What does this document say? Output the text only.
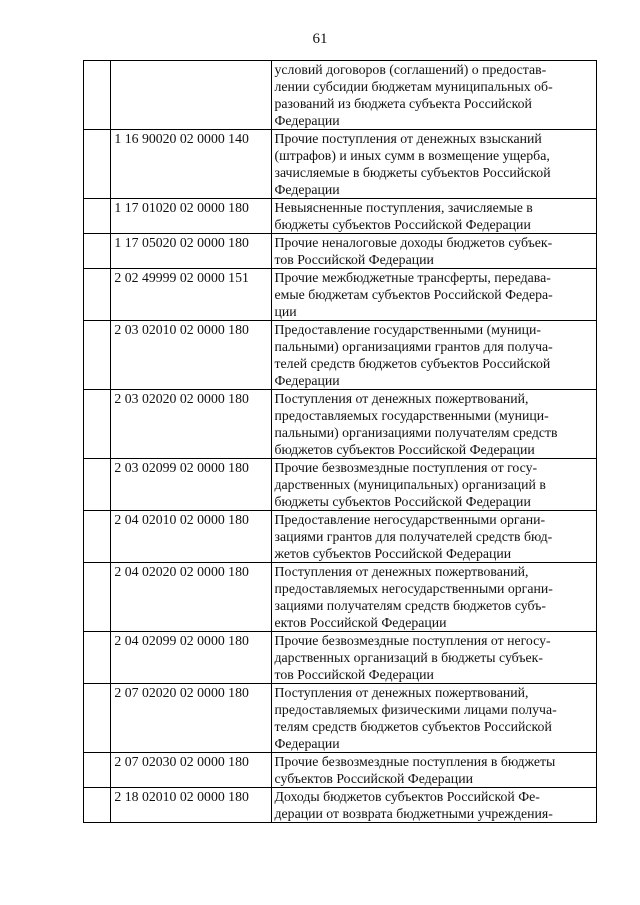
61
		условий договоров (соглашений) о предостав-
лении субсидии бюджетам муниципальных об-
разований из бюджета субъекта Российской
Федерации
	1 16 90020 02 0000 140	Прочие поступления от денежных взысканий
(штрафов) и иных сумм в возмещение ущерба,
зачисляемые в бюджеты субъектов Российской
Федерации
	1 17 01020 02 0000 180	Невыясненные поступления, зачисляемые в
бюджеты субъектов Российской Федерации
	1 17 05020 02 0000 180	Прочие неналоговые доходы бюджетов субъек-
тов Российской Федерации
	2 02 49999 02 0000 151	Прочие межбюджетные трансферты, передава-
емые бюджетам субъектов Российской Федера-
ции
	2 03 02010 02 0000 180	Предоставление государственными (муници-
пальными) организациями грантов для получа-
телей средств бюджетов субъектов Российской
Федерации
	2 03 02020 02 0000 180	Поступления от денежных пожертвований,
предоставляемых государственными (муници-
пальными) организациями получателям средств
бюджетов субъектов Российской Федерации
	2 03 02099 02 0000 180	Прочие безвозмездные поступления от госу-
дарственных (муниципальных) организаций в
бюджеты субъектов Российской Федерации
	2 04 02010 02 0000 180	Предоставление негосударственными органи-
зациями грантов для получателей средств бюд-
жетов субъектов Российской Федерации
	2 04 02020 02 0000 180	Поступления от денежных пожертвований,
предоставляемых негосударственными органи-
зациями получателям средств бюджетов субъ-
ектов Российской Федерации
	2 04 02099 02 0000 180	Прочие безвозмездные поступления от негосу-
дарственных организаций в бюджеты субъек-
тов Российской Федерации
	2 07 02020 02 0000 180	Поступления от денежных пожертвований,
предоставляемых физическими лицами получа-
телям средств бюджетов субъектов Российской
Федерации
	2 07 02030 02 0000 180	Прочие безвозмездные поступления в бюджеты
субъектов Российской Федерации
	2 18 02010 02 0000 180	Доходы бюджетов субъектов Российской Фе-
дерации от возврата бюджетными учреждения-
